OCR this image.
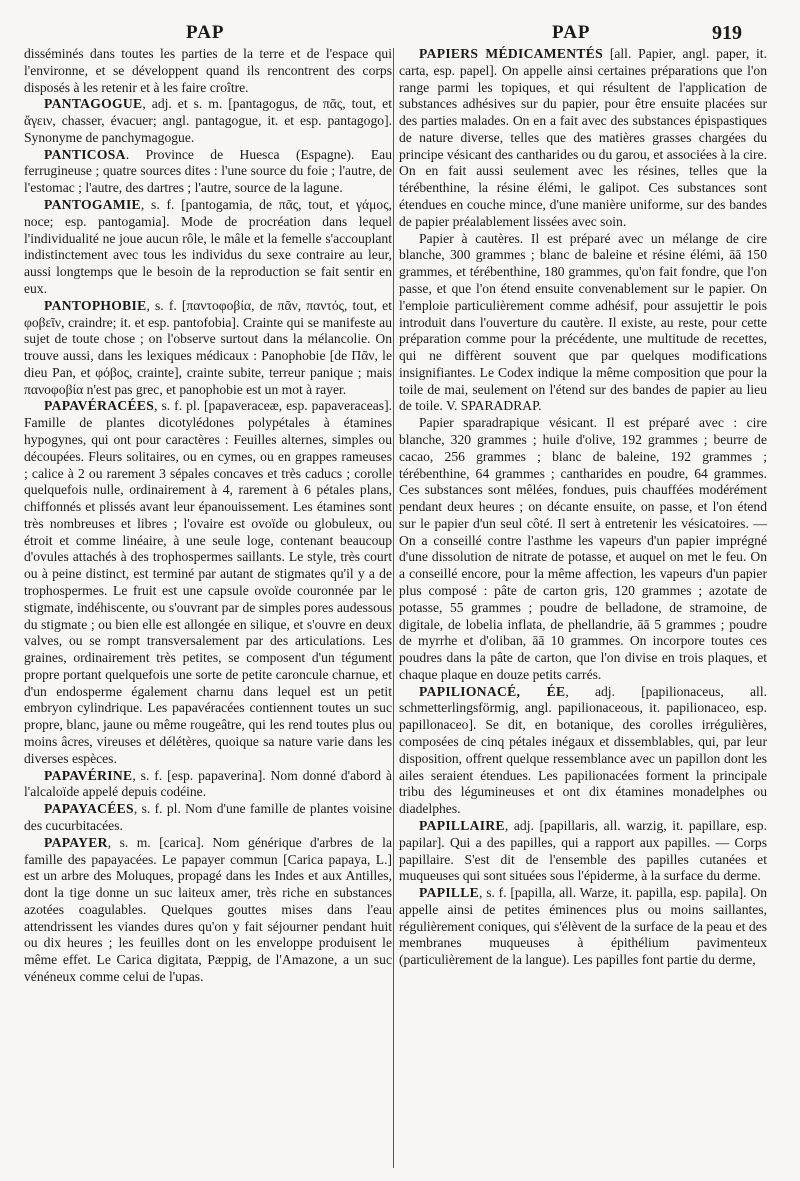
PAP	PAP	919

disséminés dans toutes les parties de la terre et de l'espace qui l'environne, et se développent quand ils rencontrent des corps disposés à les retenir et à les faire croître.

PANTAGOGUE, adj. et s. m. [pantagogus, de πᾶς, tout, et ἄγειν, chasser, évacuer; angl. pantagogue, it. et esp. pantagogo]. Synonyme de panchymagogue.

PANTICOSA. Province de Huesca (Espagne). Eau ferrugineuse ; quatre sources dites : l'une source du foie ; l'autre, de l'estomac ; l'autre, des dartres ; l'autre, source de la lagune.

PANTOGAMIE, s. f. [pantogamia, de πᾶς, tout, et γάμος, noce; esp. pantogamia]. Mode de procréation dans lequel l'individualité ne joue aucun rôle, le mâle et la femelle s'accouplant indistinctement avec tous les individus du sexe contraire au leur, aussi longtemps que le besoin de la reproduction se fait sentir en eux.

PANTOPHOBIE, s. f. [παντοφοβία, de πᾶν, παντός, tout, et φοβεῖν, craindre; it. et esp. pantofobia]. Crainte qui se manifeste au sujet de toute chose ; on l'observe surtout dans la mélancolie. On trouve aussi, dans les lexiques médicaux : Panophobie [de Πᾶν, le dieu Pan, et φόβος, crainte], crainte subite, terreur panique ; mais πανοφοβία n'est pas grec, et panophobie est un mot à rayer.

PAPAVÉRACÉES, s. f. pl. [papaveraceæ, esp. papaveraceas]. Famille de plantes dicotylédones polypétales à étamines hypogynes, qui ont pour caractères : Feuilles alternes, simples ou découpées. Fleurs solitaires, ou en cymes, ou en grappes rameuses ; calice à 2 ou rarement 3 sépales concaves et très caducs ; corolle quelquefois nulle, ordinairement à 4, rarement à 6 pétales plans, chiffonnés et plissés avant leur épanouissement. Les étamines sont très nombreuses et libres ; l'ovaire est ovoïde ou globuleux, ou étroit et comme linéaire, à une seule loge, contenant beaucoup d'ovules attachés à des trophospermes saillants. Le style, très court ou à peine distinct, est terminé par autant de stigmates qu'il y a de trophospermes. Le fruit est une capsule ovoïde couronnée par le stigmate, indéhiscente, ou s'ouvrant par de simples pores audessous du stigmate ; ou bien elle est allongée en silique, et s'ouvre en deux valves, ou se rompt transversalement par des articulations. Les graines, ordinairement très petites, se composent d'un tégument propre portant quelquefois une sorte de petite caroncule charnue, et d'un endosperme également charnu dans lequel est un petit embryon cylindrique. Les papavéracées contiennent toutes un suc propre, blanc, jaune ou même rougeâtre, qui les rend toutes plus ou moins âcres, vireuses et délétères, quoique sa nature varie dans les diverses espèces.

PAPAVÉRINE, s. f. [esp. papaverina]. Nom donné d'abord à l'alcaloïde appelé depuis codéine.

PAPAYACÉES, s. f. pl. Nom d'une famille de plantes voisine des cucurbitacées.

PAPAYER, s. m. [carica]. Nom générique d'arbres de la famille des papayacées. Le papayer commun [Carica papaya, L.] est un arbre des Moluques, propagé dans les Indes et aux Antilles, dont la tige donne un suc laiteux amer, très riche en substances azotées coagulables. Quelques gouttes mises dans l'eau attendrissent les viandes dures qu'on y fait séjourner pendant huit ou dix heures ; les feuilles dont on les enveloppe produisent le même effet. Le Carica digitata, Pæppig, de l'Amazone, a un suc vénéneux comme celui de l'upas.

PAPIERS MÉDICAMENTÉS [all. Papier, angl. paper, it. carta, esp. papel]. On appelle ainsi certaines préparations que l'on range parmi les topiques, et qui résultent de l'application de substances adhésives sur du papier, pour être ensuite placées sur des parties malades. On en a fait avec des substances épispastiques de nature diverse, telles que des matières grasses chargées du principe vésicant des cantharides ou du garou, et associées à la cire. On en fait aussi seulement avec les résines, telles que la térébenthine, la résine élémi, le galipot. Ces substances sont étendues en couche mince, d'une manière uniforme, sur des bandes de papier préalablement lissées avec soin.

Papier à cautères. Il est préparé avec un mélange de cire blanche, 300 grammes ; blanc de baleine et résine élémi, āā 150 grammes, et térébenthine, 180 grammes, qu'on fait fondre, que l'on passe, et que l'on étend ensuite convenablement sur le papier. On l'emploie particulièrement comme adhésif, pour assujettir le pois introduit dans l'ouverture du cautère. Il existe, au reste, pour cette préparation comme pour la précédente, une multitude de recettes, qui ne diffèrent souvent que par quelques modifications insignifiantes. Le Codex indique la même composition que pour la toile de mai, seulement on l'étend sur des bandes de papier au lieu de toile. V. SPARADRAP.

Papier sparadrapique vésicant. Il est préparé avec : cire blanche, 320 grammes ; huile d'olive, 192 grammes ; beurre de cacao, 256 grammes ; blanc de baleine, 192 grammes ; térébenthine, 64 grammes ; cantharides en poudre, 64 grammes. Ces substances sont mêlées, fondues, puis chauffées modérément pendant deux heures ; on décante ensuite, on passe, et l'on étend sur le papier d'un seul côté. Il sert à entretenir les vésicatoires. — On a conseillé contre l'asthme les vapeurs d'un papier imprégné d'une dissolution de nitrate de potasse, et auquel on met le feu. On a conseillé encore, pour la même affection, les vapeurs d'un papier plus composé : pâte de carton gris, 120 grammes ; azotate de potasse, 55 grammes ; poudre de belladone, de stramoine, de digitale, de lobelia inflata, de phellandrie, āā 5 grammes ; poudre de myrrhe et d'oliban, āā 10 grammes. On incorpore toutes ces poudres dans la pâte de carton, que l'on divise en trois plaques, et chaque plaque en douze petits carrés.

PAPILIONACÉ, ÉE, adj. [papilionaceus, all. schmetterlingsförmig, angl. papilionaceous, it. papilionaceo, esp. papillonaceo]. Se dit, en botanique, des corolles irrégulières, composées de cinq pétales inégaux et dissemblables, qui, par leur disposition, offrent quelque ressemblance avec un papillon dont les ailes seraient étendues. Les papilionacées forment la principale tribu des légumineuses et ont dix étamines monadelphes ou diadelphes.

PAPILLAIRE, adj. [papillaris, all. warzig, it. papillare, esp. papilar]. Qui a des papilles, qui a rapport aux papilles. — Corps papillaire. S'est dit de l'ensemble des papilles cutanées et muqueuses qui sont situées sous l'épiderme, à la surface du derme.

PAPILLE, s. f. [papilla, all. Warze, it. papilla, esp. papila]. On appelle ainsi de petites éminences plus ou moins saillantes, régulièrement coniques, qui s'élèvent de la surface de la peau et des membranes muqueuses à épithélium pavimenteux (particulièrement de la langue). Les papilles font partie du derme,
